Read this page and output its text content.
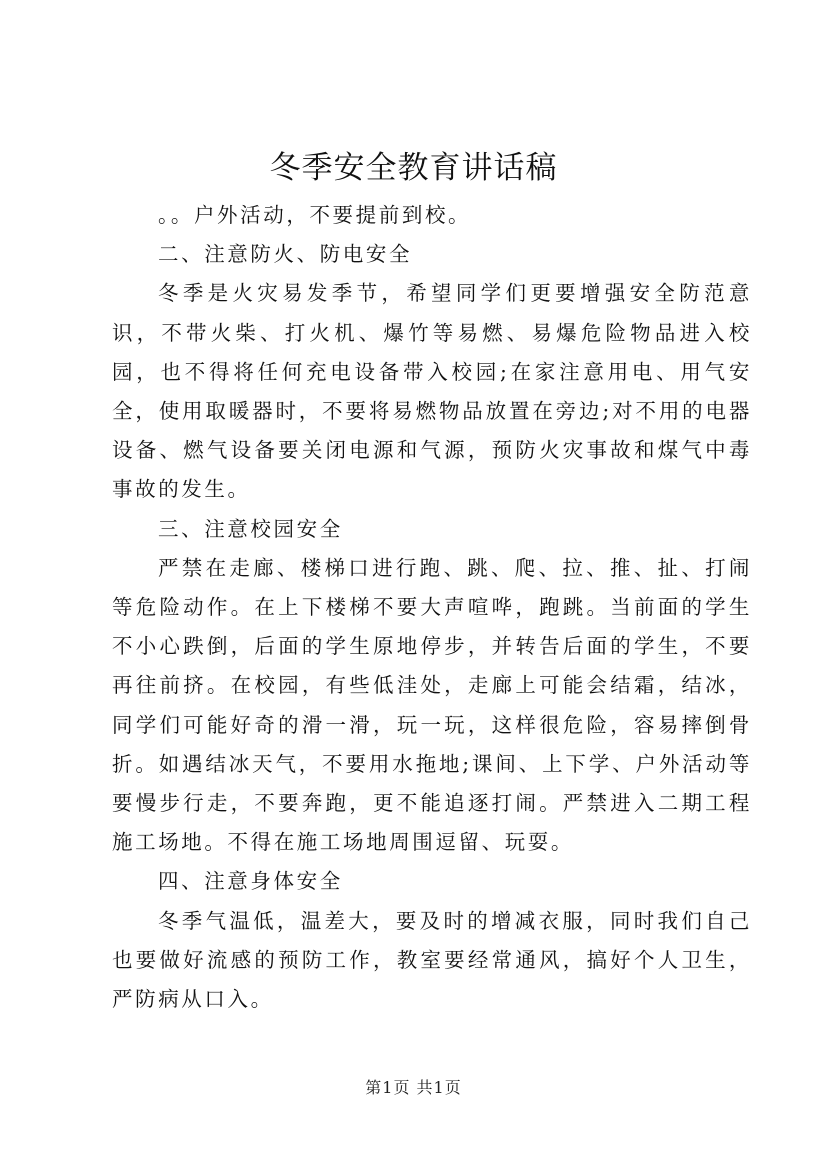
冬季安全教育讲话稿

。。户外活动，不要提前到校。

二、注意防火、防电安全

冬季是火灾易发季节，希望同学们更要增强安全防范意识，不带火柴、打火机、爆竹等易燃、易爆危险物品进入校园，也不得将任何充电设备带入校园;在家注意用电、用气安全，使用取暖器时，不要将易燃物品放置在旁边;对不用的电器设备、燃气设备要关闭电源和气源，预防火灾事故和煤气中毒事故的发生。

三、注意校园安全

严禁在走廊、楼梯口进行跑、跳、爬、拉、推、扯、打闹等危险动作。在上下楼梯不要大声喧哗，跑跳。当前面的学生不小心跌倒，后面的学生原地停步，并转告后面的学生，不要再往前挤。在校园，有些低洼处，走廊上可能会结霜，结冰，同学们可能好奇的滑一滑，玩一玩，这样很危险，容易摔倒骨折。如遇结冰天气，不要用水拖地;课间、上下学、户外活动等要慢步行走，不要奔跑，更不能追逐打闹。严禁进入二期工程施工场地。不得在施工场地周围逗留、玩耍。

四、注意身体安全

冬季气温低，温差大，要及时的增减衣服，同时我们自己也要做好流感的预防工作，教室要经常通风，搞好个人卫生，严防病从口入。

第1页 共1页
